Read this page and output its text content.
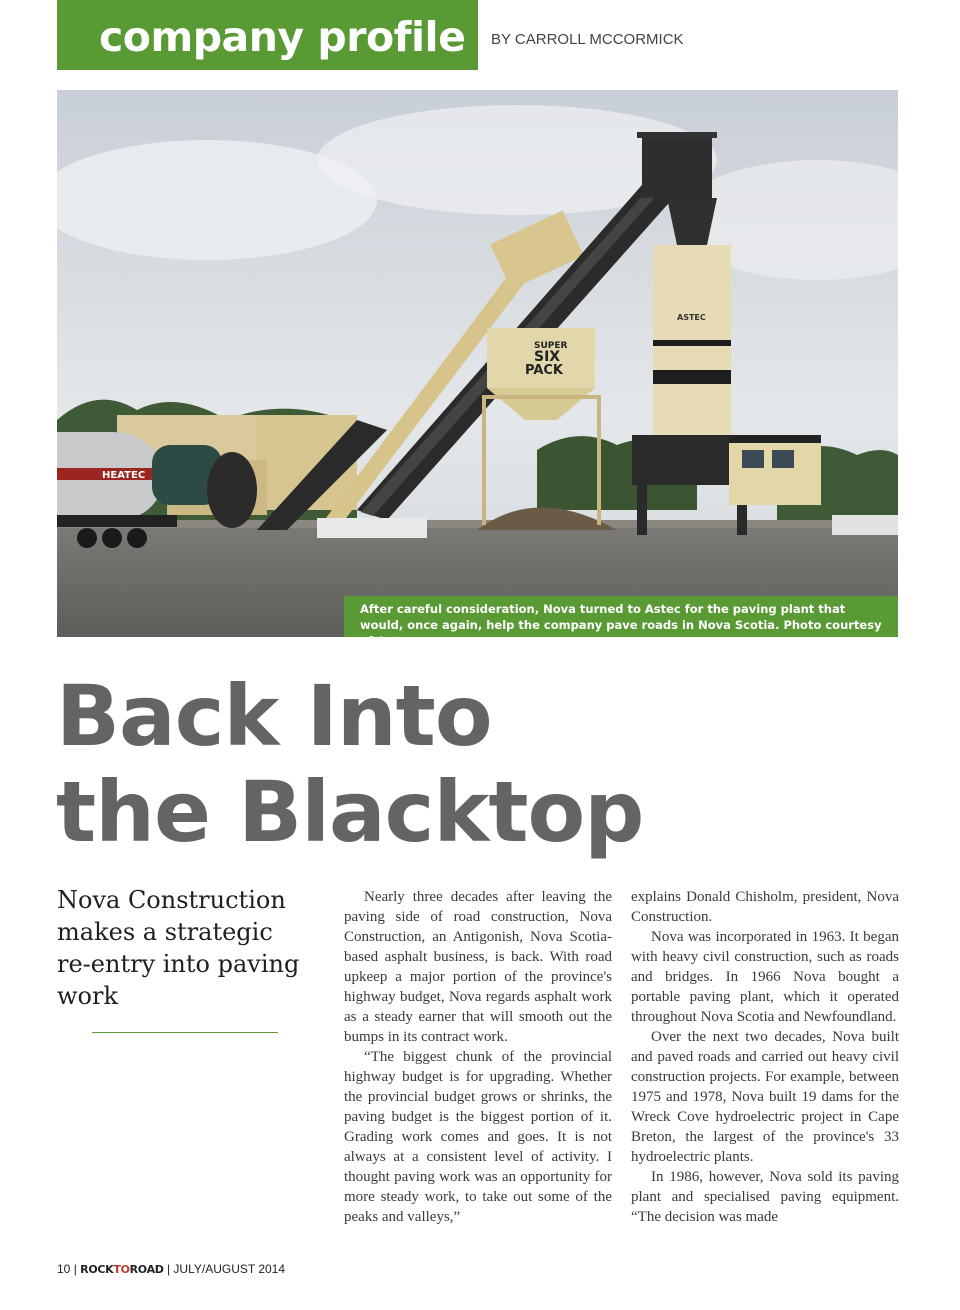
company profile	BY CARROLL MCCORMICK
HEATEC
SUPER
SIX
PACK
ASTEC
After careful consideration, Nova turned to Astec for the paving plant that would, once again, help the company pave roads in Nova Scotia. Photo courtesy of Astec.
Back Into
the Blacktop

Nova Construction makes a strategic re-entry into paving work

Nearly three decades after leaving the paving side of road construction, Nova Construction, an Antigonish, Nova Scotia-based asphalt business, is back. With road upkeep a major portion of the province's highway budget, Nova regards asphalt work as a steady earner that will smooth out the bumps in its contract work.

“The biggest chunk of the provincial highway budget is for upgrading. Whether the provincial budget grows or shrinks, the paving budget is the biggest portion of it. Grading work comes and goes. It is not always at a consistent level of activity. I thought paving work was an opportunity for more steady work, to take out some of the peaks and valleys,”

explains Donald Chisholm, president, Nova Construction.

Nova was incorporated in 1963. It began with heavy civil construction, such as roads and bridges. In 1966 Nova bought a portable paving plant, which it operated throughout Nova Scotia and Newfoundland.

Over the next two decades, Nova built and paved roads and carried out heavy civil construction projects. For example, between 1975 and 1978, Nova built 19 dams for the Wreck Cove hydroelectric project in Cape Breton, the largest of the province's 33 hydroelectric plants.

In 1986, however, Nova sold its paving plant and specialised paving equipment. “The decision was made

10 | ROCKTOROAD | JULY/AUGUST 2014
